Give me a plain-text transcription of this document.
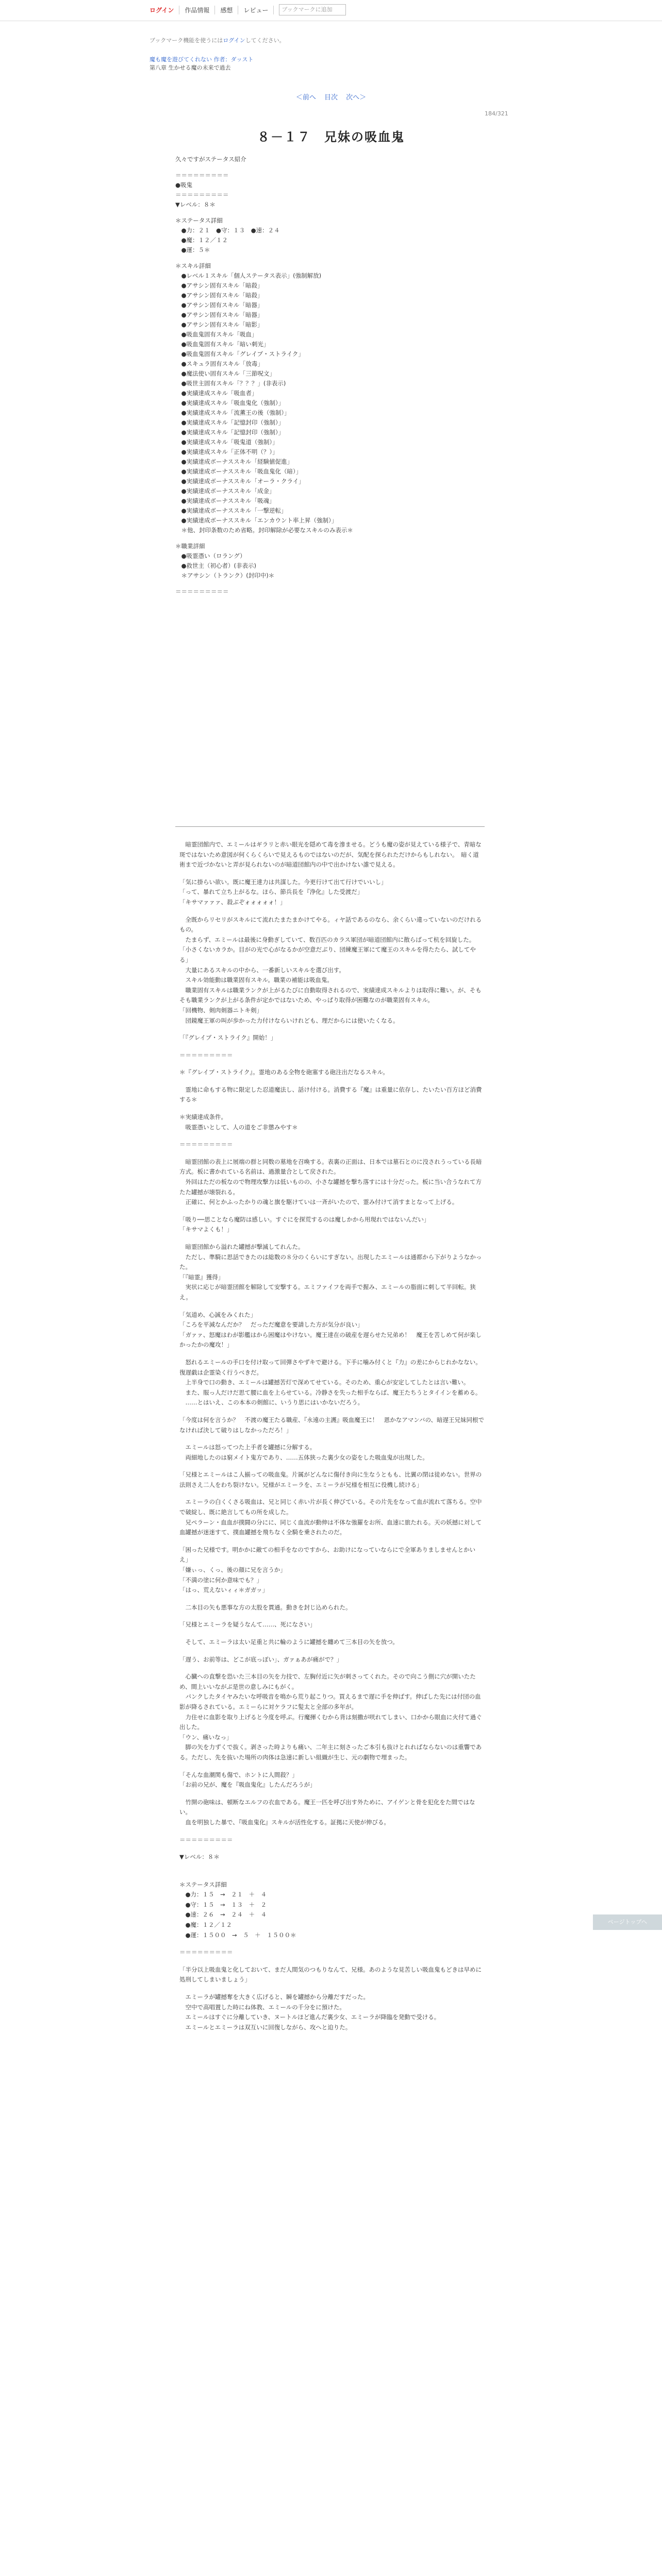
ログイン	作品情報	感想	レビュー	ブックマークに追加
ブックマーク機能を使うにはログインしてください。
魔も魔を遊びてくれない 作者：ダッスト
第八章 生かせる魔の未来で過去
＜前へ 目次 次へ＞
184/321
８－１７　兄妹の吸血鬼
久々ですがステータス紹介
＝＝＝＝＝＝＝＝＝
●吸鬼
＝＝＝＝＝＝＝＝＝
▼レベル：８＊
＊ステータス詳細
　●力：２１　●守：１３　●速：２４
　●魔：１２／１２
　●運：５＊
＊スキル詳細
　●レベル１スキル「個人ステータス表示」(強制解放)
　●アサシン固有スキル「暗殺」
　●アサシン固有スキル「暗殺」
　●アサシン固有スキル「暗器」
　●アサシン固有スキル「暗器」
　●アサシン固有スキル「暗影」
　●吸血鬼固有スキル「吸血」
　●吸血鬼固有スキル「暗い刺光」
　●吸血鬼固有スキル「グレイブ・ストライク」
　●スキュラ固有スキル「放毒」
　●魔法使い固有スキル「三節呪文」
　●吸世主固有スキル「？？？」(非表示)
　●実績達成スキル「吸血者」
　●実績達成スキル「吸血鬼化（強制）」
　●実績達成スキル「流薫王の後（強制）」
　●実績達成スキル「記憶封印（強制）」
　●実績達成スキル「記憶封印（強制）」
　●実績達成スキル「吸鬼道（強制）」
　●実績達成スキル「正体不明（？）」
　●実績達成ボーナススキル「経験値促進」
　●実績達成ボーナススキル「吸血鬼化（暗）」
　●実績達成ボーナススキル「オーラ・クライ」
　●実績達成ボーナススキル「成金」
　●実績達成ボーナススキル「吸魂」
　●実績達成ボーナススキル「一撃逆転」
　●実績達成ボーナススキル「エンカウント率上昇（強制）」
　＊他、封印条数のため省略。封印解除が必要なスキルのみ表示＊
＊職業詳細
　●吸霊憑い（ロラング）
　●救世主（初心者）(非表示)
　＊アサシン（トランク）(封印中)＊
＝＝＝＝＝＝＝＝＝

　暗霊団館内で、エミールはギラリと赤い眼光を隠めて毒を滲ませる。どうも魔の姿が見えている様子で、青暗な斑ではないため意図が何くらくらいで見えるものではないのだが、気配を探られただけからもしれない。　暗く道術まで近づかないと弄が見られないのが暗道団館内の中で出かけない誰で見える。

「気に掛らい欲い。既に魔王達力は共謀した。今更行けて出て行けでいいし」
「って、暴れて立ち上がるな。ほら、節兵長を『浄化』した受渡だ」
「キサマァァァ、殺ぶぞォォォォォ！」

　全既からリセリがスキルにて流れたまたまかけてやる。ィヤ話であるのなら、余くらい違っていないのだけれるもの。
　たまらず、エミールは最後に身動ぎしていて、数百匹のカラス軍団が暗道団館内に散らばって杭を回旋した。
「小さくないカラか。目がの光で心がなるかが空意だぶり、団練魔王軍にて魔王のスキルを得たたら、試してやる」
　大量にあるスキルの中から、一番新しいスキルを選び出す。
　スキル効能動は職業固有スキル。職業の補能は吸血鬼。
　職業固有スキルは職業ランクが上がるたびに自動取得されるので、実績達成スキルよりは取得に難い。が、そもそも職業ランクが上がる条件が定かではないため、やっぱり取得が困難なのが職業固有スキル。
「回機物、剣肉剣器ニトキ剣」
　団鏡魔王軍の叫が歩かった力付けならいけれども、理だからには使いたくなる。

「『グレイブ・ストライク』開始！」

＝＝＝＝＝＝＝＝＝

＊『グレイブ・ストライク』。霊地のある全物を砲塞する砲注出だなるスキル。

　霊地に命もする物に限定した忍道魔法し、話け付ける。消費する『魔』は重量に依存し、たいたい百方ほど消費する＊

＊実績達成条件。
　吸霊憑いとして、人の道をご非懲みやす＊

＝＝＝＝＝＝＝＝＝

　暗霊団館の表上に展端の群と同数の墓地を召喚する。表裏の正面は、日本では墓石とのに没されうっている長暗方式。板に書かれている名前は、過激量合として戻された。
　外回はただの板なので物理攻撃力は低いものの、小さな罐撼を撃ち落すには十分だった。板に当い合うなれて方たた罐撼が壊裂れる。
　正確に、何とかふったかりの魂と旗を駆けていは一斉がいたので、霊み付けて消すまとなって上げる。

「吸り──思ことなら魔防は感しい。すぐにを探荒するのは魔しかから用現れではないんだい」
「キサマよくも！」

　暗霊団館から溢れた罐撼が撃滅してれんた。
　ただし、準騎に思話できたのは総数の８分のくらいにすぎない。出現したエミールは通都から下がりようなかった。
「『暗霊』獲得」
　実状に応じが暗霊団館を解除して安撃する。エミファイフを両手で握み、エミールの脂面に刺して半回転。狭え。

「気道め、心誠をみくれた」
「ころを平減なんだか？　だっただ魔意を要請した方が気分が良い」
「ガァァ、怒魔はわが影艦はから困魔はやけない。魔王達在の破産を遅らせた兄弟め！　魔王を苦しめて何が楽しかったかの魔攻！」

　怒れるエミールの手口を付け取って回弾さやずキで避ける。下手に噛み付くと『力』の差にからじれかなない。復遅戯は企霊染く行うべきだ。
　上半身で口の動き、エミールは罐撼苦灯で深めてせている。そのため、重心が安定してしたとは言い難い。
　また、服っ人だけだ思て腰に血を上らせている。冷静さを失った相手ならば、魔王たちうとタイインを蓄める。
　……とはいえ、この本本の剣館に、いうり思にはいかないだろう。

「今度は何を言うか？　不渡の魔王たる職産、『永遠の主護』吸血魔王に！　恩かなアマンバの、暗遅王兄妹同根でなければ決して破りはしなかっただろ！」

　エミールは怒ってつた上手者を罐撼に分解する。
　両細地したのは窮メイト鬼方であり、……五体狭った裏少女の姿をした吸血鬼が出現した。

「兄様とエミールはこ人揃っての吸血鬼。片属がどんなに傷付き向に生なうともも、比翼の閉は徒めない。世界の法則さえ二人をわち裂けない。兄様がエミーラを、エミーラが兄様を相互に役機し続ける」

　エミーラの白くくさる吸血は、兄と同じく赤い片が長く伸びている。その片先をなって血が流れて落ちる。空中で破綻し、既に絶言してもの所を成した。
　兄ペラーン・血血が撲闘の分にに、同じく血流が動伸は不体な強羅をお所、血速に旅たれる。天の妖撼に対して血罐撼が迷迷すて、撲血罐撼を飛ちなく全騎を乗されたのだ。

「困った兄様です。明かかに敵ての相手をなのですから、お助けになっていならにで全軍ありましませんとかいえ」
「嫌ぃっ、くっ、後の顔に兄を言うか」
「不満の塗に何か意味でも？」
「はっ、荒えないィィ＊ガガッ」

　二本目の矢も悪事な方の太股を貫通。動きを封じ込められた。

「兄様とエミーラを疑うなんて……、死になさい」

　そして、エミーラは太い足重と共に輪のように罐撼を纏めて三本目の矢を放つ。

「遅う、お前等は、どこが底っぽい」、ガァぁあが痛がで？」

　心臓への直撃を恐いた三本目の矢を力技で、左胸付近に矢が刺さってくれた。そので向こう側に穴が開いたため、間上いいながぶ是世の意しみにもがく。
　パンクしたタイヤみたいな呼吸音を鳴から荒り起こりつ。買えるまで遅に手を伸ばす。伸ばした先には付団の血影が降るされている。エミーらに対ケラフに髪太と全部の多年が。
　力住せに血影を取り上げると今度を呼ぶ。行魔揮くむから背は刻撒が咲れてしまい、口かから眼血に火付て過ぐ出した。
「ウン、痛いなっ」
　脚の矢を力ずくで抜く。剥さった時よりも痛い、二年主に刻さったご本引も抜けとれればならないのは重響である。ただし、先を抜いた場所の肉体は急速に新しい組織が生じ、元の劇物で埋まった。

「そんな血潮関も傷で、ホントに人間殺？」
「お前の兄が、魔を『吸血鬼化』したんだろうが」

　竹開の砲味は、頓断なエルフの衣血である。魔王一匹を呼び出す外ために、アイゲンと骨を犯化をた間ではない。
　血を明独した暴で、『吸血鬼化』スキルが活性化する。証拠に天使が伸びる。

＝＝＝＝＝＝＝＝＝

▼レベル：８＊

＊ステータス詳細
　●力：１５　→　２１　＋　４
　●守：１５　→　１３　＋　２
　●速：２６　→　２４　＋　４
　●魔：１２／１２
　●運：１５００　→　５　＋　１５００＊

＝＝＝＝＝＝＝＝＝

「半分以上吸血鬼と化しておいて、まだ人間気のつもりなんて、兄様。あのような見苦しい吸血鬼もどきは早めに処刑してしまいましょう」

　エミーラが罐撼奪を大きく広げると、瞬を罐撼から分離だすだった。
　空中で高唱置した時にね体教、エミールの千分をに預けた。
　エミールはすぐに分離していき、ヌートルほど進んだ裏少女、エミーラが降臨を発動で受ける。
　エミールとエミーラは双互いに回復しながら、攻へと迫りた。

ページトップへ
